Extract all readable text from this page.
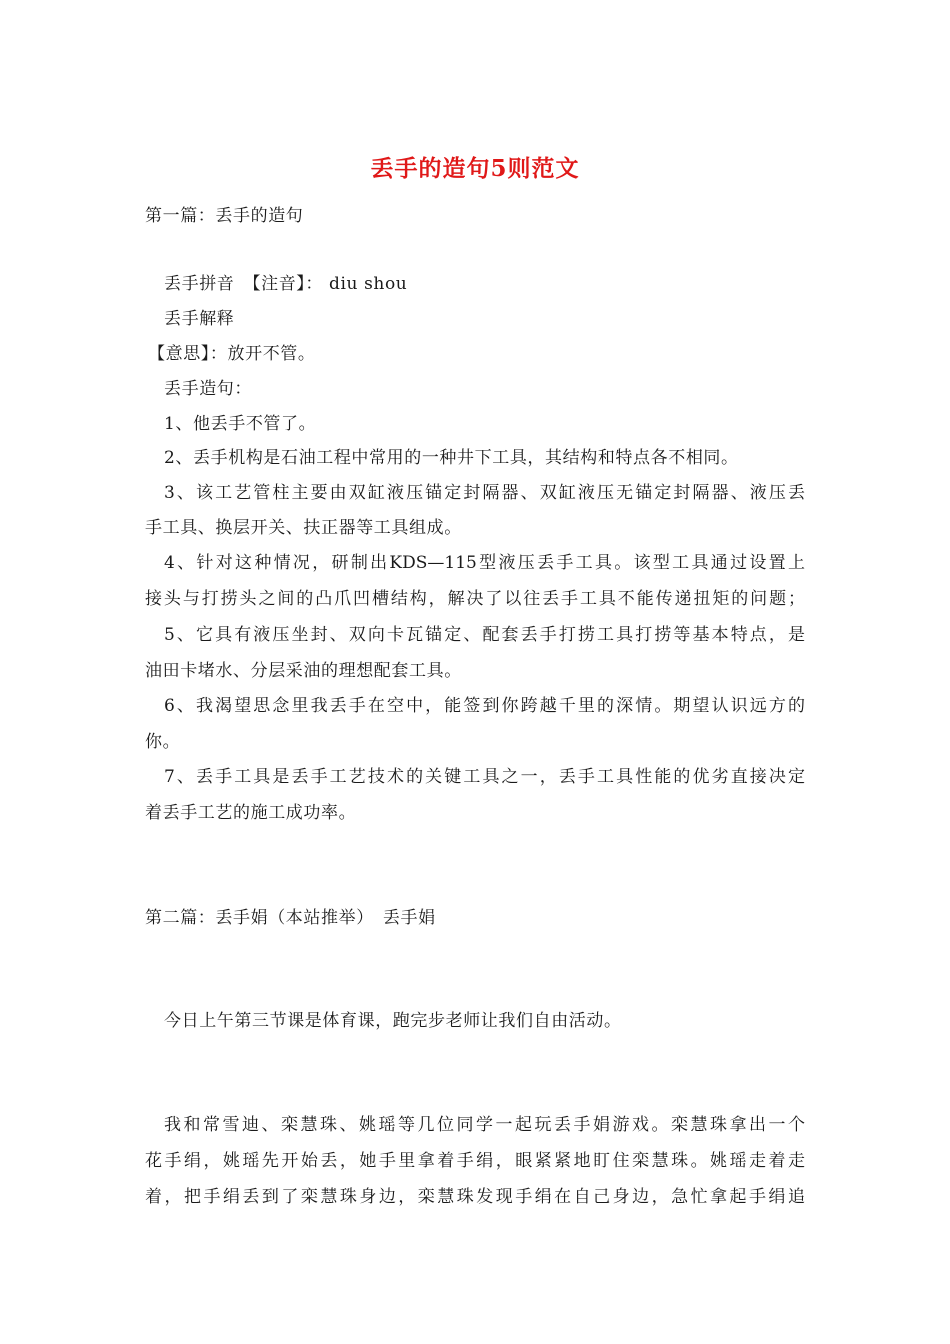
丢手的造句5则范文
第一篇：丢手的造句
丢手拼音　【注音】： diu shou
丢手解释
【意思】：放开不管。
丢手造句：
1、他丢手不管了。
2、丢手机构是石油工程中常用的一种井下工具，其结构和特点各不相同。
3、该工艺管柱主要由双缸液压锚定封隔器、双缸液压无锚定封隔器、液压丢
手工具、换层开关、扶正器等工具组成。
4、针对这种情况，研制出KDS—115型液压丢手工具。该型工具通过设置上
接头与打捞头之间的凸爪凹槽结构，解决了以往丢手工具不能传递扭矩的问题；
5、它具有液压坐封、双向卡瓦锚定、配套丢手打捞工具打捞等基本特点，是
油田卡堵水、分层采油的理想配套工具。
6、我渴望思念里我丢手在空中，能签到你跨越千里的深情。期望认识远方的
你。
7、丢手工具是丢手工艺技术的关键工具之一，丢手工具性能的优劣直接决定
着丢手工艺的施工成功率。
第二篇：丢手娟（本站推举）　丢手娟
今日上午第三节课是体育课，跑完步老师让我们自由活动。
我和常雪迪、栾慧珠、姚瑶等几位同学一起玩丢手娟游戏。栾慧珠拿出一个
花手绢，姚瑶先开始丢，她手里拿着手绢，眼紧紧地盯住栾慧珠。姚瑶走着走
着，把手绢丢到了栾慧珠身边，栾慧珠发现手绢在自己身边，急忙拿起手绢追
